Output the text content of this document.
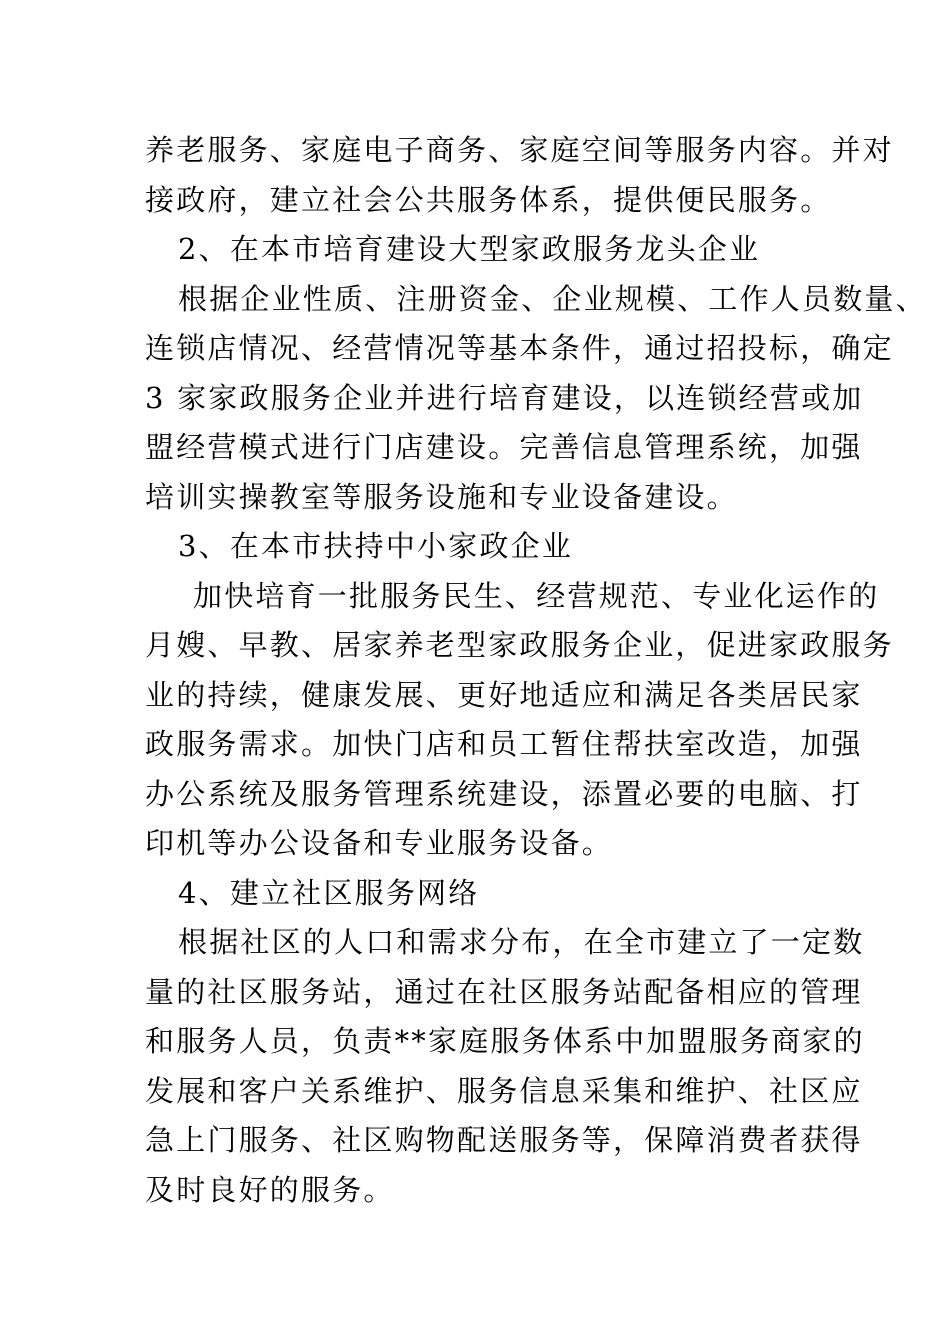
养老服务、家庭电子商务、家庭空间等服务内容。并对
接政府，建立社会公共服务体系，提供便民服务。
2、在本市培育建设大型家政服务龙头企业
根据企业性质、注册资金、企业规模、工作人员数量、
连锁店情况、经营情况等基本条件，通过招投标，确定
3 家家政服务企业并进行培育建设，以连锁经营或加
盟经营模式进行门店建设。完善信息管理系统，加强
培训实操教室等服务设施和专业设备建设。
3、在本市扶持中小家政企业
加快培育一批服务民生、经营规范、专业化运作的
月嫂、早教、居家养老型家政服务企业，促进家政服务
业的持续，健康发展、更好地适应和满足各类居民家
政服务需求。加快门店和员工暂住帮扶室改造，加强
办公系统及服务管理系统建设，添置必要的电脑、打
印机等办公设备和专业服务设备。
4、建立社区服务网络
根据社区的人口和需求分布，在全市建立了一定数
量的社区服务站，通过在社区服务站配备相应的管理
和服务人员，负责**家庭服务体系中加盟服务商家的
发展和客户关系维护、服务信息采集和维护、社区应
急上门服务、社区购物配送服务等，保障消费者获得
及时良好的服务。
